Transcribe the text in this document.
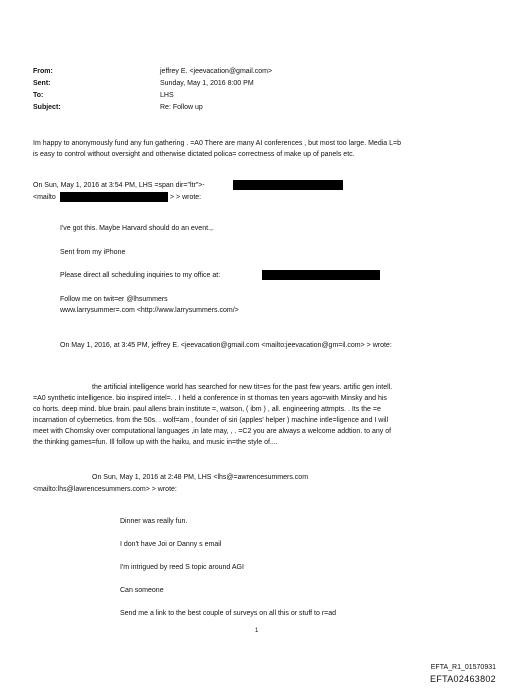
From:
Sent:
To:
Subject:
jeffrey E. <jeevacation@gmail.com>
Sunday, May 1, 2016 8:00 PM
LHS
Re: Follow up
Im happy to anonymously fund any fun gathering . =A0 There are many AI conferences , but most too large. Media L=b
is easy to control without oversight and otherwise dictated polica= correctness of make up of panels etc.
On Sun, May 1, 2016 at 3:54 PM, LHS =span dir="ltr">-
<mailto	> > wrote:
I've got this. Maybe Harvard should do an event.,.
Sent from my iPhone
Please direct all scheduling inquiries to my office at:
Follow me on twit=er @lhsummers
www.larrysummer=.com <http://www.larrysummers.com/>
On May 1, 2016, at 3:45 PM, jeffrey E. <jeevacation@gmail.com <mailto:jeevacation@gm=il.com> > wrote:
the artificial intelligence world has searched for new tit=es for the past few years. artific gen intell.
=A0 synthetic intelligence. bio inspired intel=. . I held a conference in st thomas ten years ago=with Minsky and his
co horts. deep mind. blue brain. paul allens brain institute =, watson, ( ibm ) , all. engineering attmpts. . Its the =e
incarnation of cybernetics. from the 50s. . wolf=am , founder of siri (apples' helper ) machine intle=ligence and I will
meet with Chomsky over computational languages ,in late may, , . =C2 you are always a welcome addtion. to any of
the thinking games=fun. Ill follow up with the haiku, and music in=the style of....
On Sun, May 1, 2016 at 2:48 PM, LHS <lhs@=awrencesummers.com
<mailto:lhs@lawrencesummers.com> > wrote:
Dinner was really fun.
I don't have Joi or Danny s email
I'm intrigued by reed S topic around AGI
Can someone
Send me a link to the best couple of surveys on all this or stuff to r=ad
1
EFTA_R1_01570931
EFTA02463802
